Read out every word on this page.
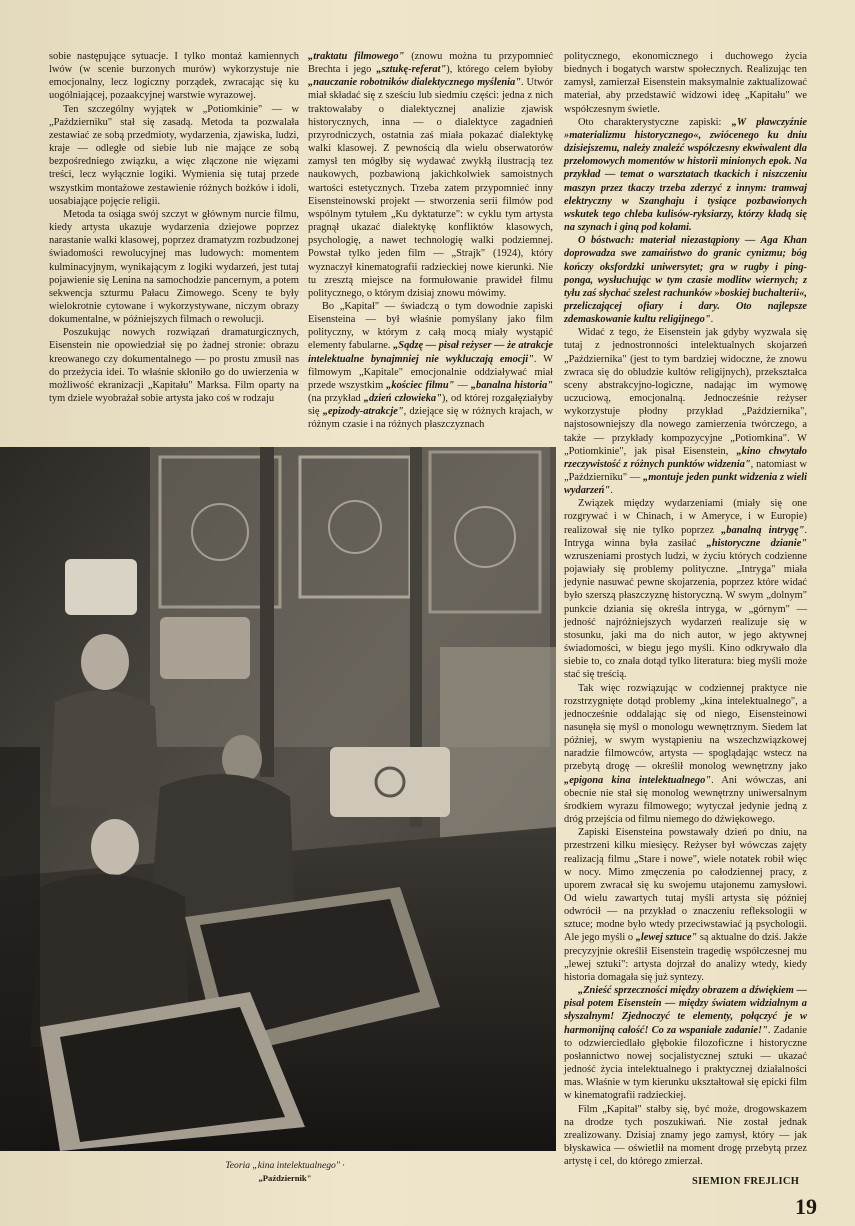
sobie następujące sytuacje. I tylko montaż kamiennych lwów (w scenie burzonych murów) wykorzystuje nie emocjonalny, lecz logiczny porządek, zwracając się ku uogólniającej, pozaakcyjnej warstwie wyrazowej.

Ten szczególny wyjątek w „Potiomkinie" — w „Październiku" stał się zasadą. Metoda ta pozwalała zestawiać ze sobą przedmioty, wydarzenia, zjawiska, ludzi, kraje — odległe od siebie lub nie mające ze sobą bezpośredniego związku, a więc złączone nie więzami treści, lecz wyłącznie logiki. Wymienia się tutaj przede wszystkim montażowe zestawienie różnych bożków i idoli, uosabiające pojęcie religii.

Metoda ta osiąga swój szczyt w głównym nurcie filmu, kiedy artysta ukazuje wydarzenia dziejowe poprzez narastanie walki klasowej, poprzez dramatyzm rozbudzonej świadomości rewolucyjnej mas ludowych: momentem kulminacyjnym, wynikającym z logiki wydarzeń, jest tutaj pojawienie się Lenina na samochodzie pancernym, a potem sekwencja szturmu Pałacu Zimowego. Sceny te były wielokrotnie cytowane i wykorzystywane, niczym obrazy dokumentalne, w późniejszych filmach o rewolucji.

Poszukując nowych rozwiązań dramaturgicznych, Eisenstein nie opowiedział się po żadnej stronie: obrazu kreowanego czy dokumentalnego — po prostu zmusił nas do przeżycia idei. To właśnie skłoniło go do uwierzenia w możliwość ekranizacji „Kapitału" Marksa. Film oparty na tym dziele wyobrażał sobie artysta jako coś w rodzaju

„traktatu filmowego" (znowu można tu przypomnieć Brechta i jego „sztukę-referat"), którego celem byłoby „nauczanie robotników dialektycznego myślenia". Utwór miał składać się z sześciu lub siedmiu części: jedna z nich traktowałaby o dialektycznej analizie zjawisk historycznych, inna — o dialektyce zagadnień przyrodniczych, ostatnia zaś miała pokazać dialektykę walki klasowej. Z pewnością dla wielu obserwatorów zamysł ten mógłby się wydawać zwykłą ilustracją tez naukowych, pozbawioną jakichkolwiek samoistnych wartości estetycznych. Trzeba zatem przypomnieć inny Eisensteinowski projekt — stworzenia serii filmów pod wspólnym tytułem „Ku dyktaturze": w cyklu tym artysta pragnął ukazać dialektykę konfliktów klasowych, psychologię, a nawet technologię walki podziemnej. Powstał tylko jeden film — „Strajk" (1924), który wyznaczył kinematografii radzieckiej nowe kierunki. Nie tu zresztą miejsce na formułowanie prawideł filmu politycznego, o którym dzisiaj znowu mówimy.

Bo „Kapitał" — świadczą o tym dowodnie zapiski Eisensteina — był właśnie pomyślany jako film polityczny, w którym z całą mocą miały wystąpić elementy fabularne. „Sądzę — pisał reżyser — że atrakcje intelektualne bynajmniej nie wykluczają emocji". W filmowym „Kapitale" emocjonalnie oddziaływać miał przede wszystkim „kościec filmu" — „banalna historia" (na przykład „dzień człowieka"), od której rozgałęziałyby się „epizody-atrakcje", dziejące się w różnych krajach, w różnym czasie i na różnych płaszczyznach

politycznego, ekonomicznego i duchowego życia biednych i bogatych warstw społecznych. Realizując ten zamysł, zamierzał Eisenstein maksymalnie zaktualizować materiał, aby przedstawić widzowi ideę „Kapitału" we współczesnym świetle.

Oto charakterystyczne zapiski: „W pławczyźnie »materializmu historycznego«, zwiócenego ku dniu dzisiejszemu, należy znaleźć współczesny ekwiwalent dla przełomowych momentów w historii minionych epok. Na przykład — temat o warsztatach tkackich i niszczeniu maszyn przez tkaczy trzeba zderzyć z innym: tramwaj elektryczny w Szanghaju i tysiące pozbawionych wskutek tego chleba kulisów-ryksiarzy, którzy kładą się na szynach i giną pod kołami.

O bóstwach: materiał niezastąpiony — Aga Khan doprowadza swe zamaiństwo do granic cynizmu; bóg kończy oksfordzki uniwersytet; gra w rugby i ping-ponga, wysłuchując w tym czasie modlitw wiernych; z tyłu zaś słychać szelest rachunków »boskiej buchalterii«, przeliczającej ofiary i dary. Oto najlepsze zdemaskowanie kultu religijnego".

Widać z tego, że Eisenstein jak gdyby wyzwala się tutaj z jednostronności intelektualnych skojarzeń „Października" (jest to tym bardziej widoczne, że znowu zwraca się do obludzie kultów religijnych), przekształca sceny abstrakcyjno-logiczne, nadając im wymowę uczuciową, emocjonalną. Jednocześnie reżyser wykorzystuje płodny przykład „Października", najstosowniejszy dla nowego zamierzenia twórczego, a także — przykłady kompozycyjne „Potiomkina". W „Potiomkinie", jak pisał Eisenstein, „kino chwytało rzeczywistość z różnych punktów widzenia", natomiast w „Październiku" — „montuje jeden punkt widzenia z wieli wydarzeń".

Związek między wydarzeniami (miały się one rozgrywać i w Chinach, i w Ameryce, i w Europie) realizował się nie tylko poprzez „banalną intrygę". Intryga winna była zasiłać „historyczne dzianie" wzruszeniami prostych ludzi, w życiu których codzienne pojawiały się problemy polityczne. „Intryga" miała jedynie nasuwać pewne skojarzenia, poprzez które widać było szerszą płaszczyznę historyczną. W swym „dolnym" punkcie dziania się określa intryga, w „górnym" — jedność najróżniejszych wydarzeń realizuje się w stosunku, jaki ma do nich autor, w jego aktywnej świadomości, w biegu jego myśli. Kino odkrywało dla siebie to, co znała dotąd tylko literatura: bieg myśli może stać się treścią.

Tak więc rozwiązując w codziennej praktyce nie rozstrzygnięte dotąd problemy „kina intelektualnego", a jednocześnie oddalając się od niego, Eisensteinowi nasunęła się myśl o monologu wewnętrznym. Siedem lat później, w swym wystąpieniu na wszechzwiązkowej naradzie filmowców, artysta — spoglądając wstecz na przebytą drogę — określił monolog wewnętrzny jako „epigona kina intelektualnego". Ani wówczas, ani obecnie nie stał się monolog wewnętrzny uniwersalnym środkiem wyrazu filmowego; wytyczał jedynie jedną z dróg przejścia od filmu niemego do dźwiękowego.

Zapiski Eisensteina powstawały dzień po dniu, na przestrzeni kilku miesięcy. Reżyser był wówczas zajęty realizacją filmu „Stare i nowe", wiele notatek robił więc w nocy. Mimo zmęczenia po całodziennej pracy, z uporem zwracał się ku swojemu utajonemu zamysłowi. Od wielu zawartych tutaj myśli artysta się później odwrócił — na przykład o znaczeniu refleksologii w sztuce; modne było wtedy przeciwstawiać ją psychologii. Ale jego myśli o „lewej sztuce" są aktualne do dziś. Jakże precyzyjnie określił Eisenstein tragedię współczesnej mu „lewej sztuki": artysta dojrzał do analizy wtedy, kiedy historia domagała się już syntezy.

„Znieść sprzeczności między obrazem a dźwiękiem — pisał potem Eisenstein — między światem widzialnym a słyszalnym! Zjednoczyć te elementy, połączyć je w harmonijną całość! Co za wspaniałe zadanie!". Zadanie to odzwierciedlało głębokie filozoficzne i historyczne posłannictwo nowej socjalistycznej sztuki — ukazać jedność życia intelektualnego i praktycznej działalności mas. Właśnie w tym kierunku ukształtował się epicki film w kinematografii radzieckiej.

Film „Kapitał" stałby się, być może, drogowskazem na drodze tych poszukiwań. Nie został jednak zrealizowany. Dzisiaj znamy jego zamysł, który — jak błyskawica — oświetlił na moment drogę przebytą przez artystę i cel, do którego zmierzał.

Teoria „kina intelektualnego" ·
„Październik"	SIEMION FREJLICH
19
